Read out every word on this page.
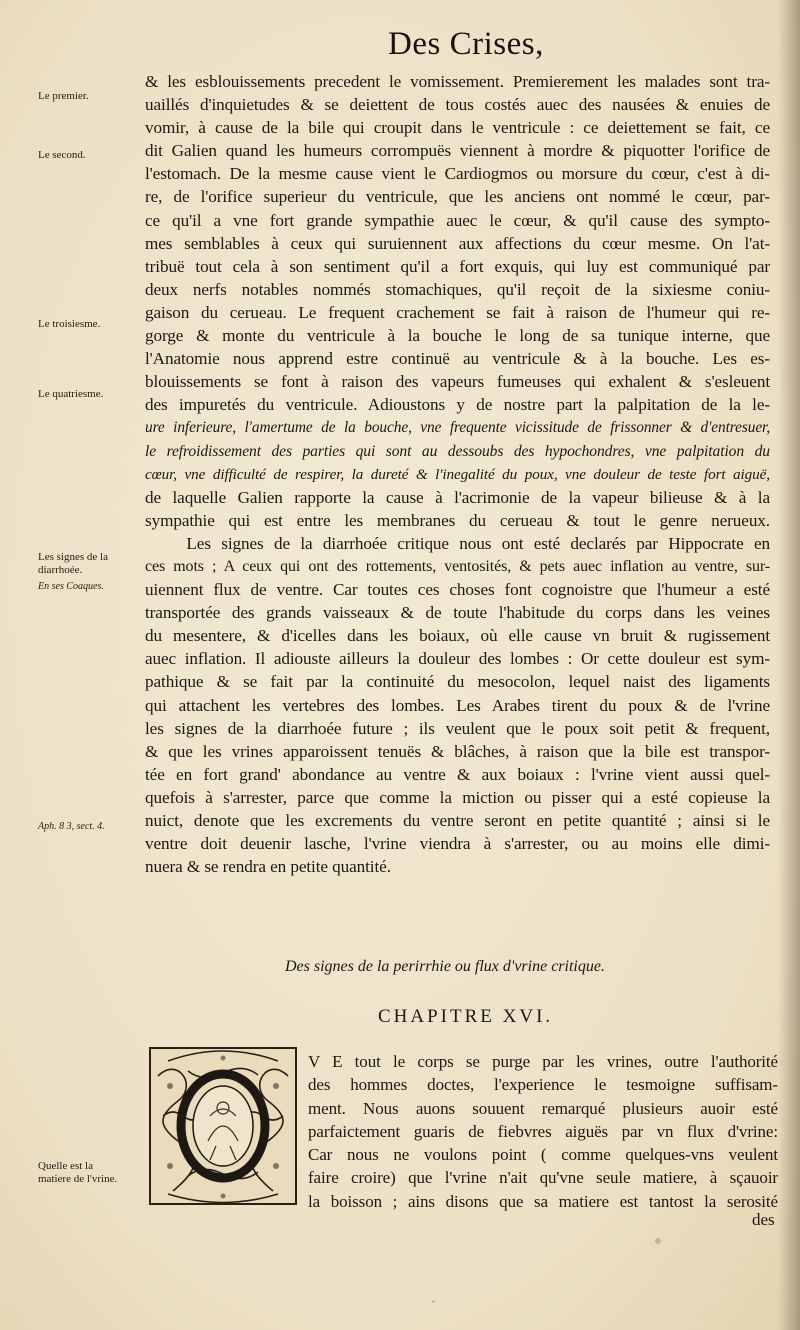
Des Crises,
Le premier.
Le second.
Le troisiesme.
Le quatriesme.
Les signes de la diarrhoée.
En ses Coaques.
Aph. 8 3, sect. 4.
Quelle est la matiere de l'vrine.
& les esblouissements precedent le vomissement. Premierement les malades sont tra-
uaillés d'inquietudes & se deiettent de tous costés auec des nausées & enuies de
vomir, à cause de la bile qui croupit dans le ventricule : ce deiettement se fait, ce
dit Galien quand les humeurs corrompuës viennent à mordre & piquotter l'orifice de
l'estomach. De la mesme cause vient le Cardiogmos ou morsure du cœur, c'est à di-
re, de l'orifice superieur du ventricule, que les anciens ont nommé le cœur, par-
ce qu'il a vne fort grande sympathie auec le cœur, & qu'il cause des sympto-
mes semblables à ceux qui suruiennent aux affections du cœur mesme. On l'at-
tribuë tout cela à son sentiment qu'il a fort exquis, qui luy est communiqué par
deux nerfs notables nommés stomachiques, qu'il reçoit de la sixiesme coniu-
gaison du cerueau. Le frequent crachement se fait à raison de l'humeur qui re-
gorge & monte du ventricule à la bouche le long de sa tunique interne, que
l'Anatomie nous apprend estre continuë au ventricule & à la bouche. Les es-
blouissements se font à raison des vapeurs fumeuses qui exhalent & s'esleuent
des impuretés du ventricule. Adioustons y de nostre part la palpitation de la le-
ure inferieure, l'amertume de la bouche, vne frequente vicissitude de frissonner & d'entresuer,
le refroidissement des parties qui sont au dessoubs des hypochondres, vne palpitation du
cœur, vne difficulté de respirer, la dureté & l'inegalité du poux, vne douleur de teste fort aiguë,
de laquelle Galien rapporte la cause à l'acrimonie de la vapeur bilieuse & à la
sympathie qui est entre les membranes du cerueau & tout le genre nerueux.
Les signes de la diarrhoée critique nous ont esté declarés par Hippocrate en
ces mots ; A ceux qui ont des rottements, ventosités, & pets auec inflation au ventre, sur-
uiennent flux de ventre. Car toutes ces choses font cognoistre que l'humeur a esté
transportée des grands vaisseaux & de toute l'habitude du corps dans les veines
du mesentere, & d'icelles dans les boiaux, où elle cause vn bruit & rugissement
auec inflation. Il adiouste ailleurs la douleur des lombes : Or cette douleur est sym-
pathique & se fait par la continuité du mesocolon, lequel naist des ligaments
qui attachent les vertebres des lombes. Les Arabes tirent du poux & de l'vrine
les signes de la diarrhoée future ; ils veulent que le poux soit petit & frequent,
& que les vrines apparoissent tenuës & blâches, à raison que la bile est transpor-
tée en fort grand' abondance au ventre & aux boiaux : l'vrine vient aussi quel-
quefois à s'arrester, parce que comme la miction ou pisser qui a esté copieuse la
nuict, denote que les excrements du ventre seront en petite quantité ; ainsi si le
ventre doit deuenir lasche, l'vrine viendra à s'arrester, ou au moins elle dimi-
nuera & se rendra en petite quantité.
Des signes de la perirrhie ou flux d'vrine critique.
CHAPITRE XVI.
V E tout le corps se purge par les vrines, outre l'authorité
des hommes doctes, l'experience le tesmoigne suffisam-
ment. Nous auons souuent remarqué plusieurs auoir esté
parfaictement guaris de fiebvres aiguës par vn flux d'vrine:
Car nous ne voulons point ( comme quelques-vns veulent
faire croire) que l'vrine n'ait qu'vne seule matiere, à sçauoir
la boisson ; ains disons que sa matiere est tantost la serosité
des
